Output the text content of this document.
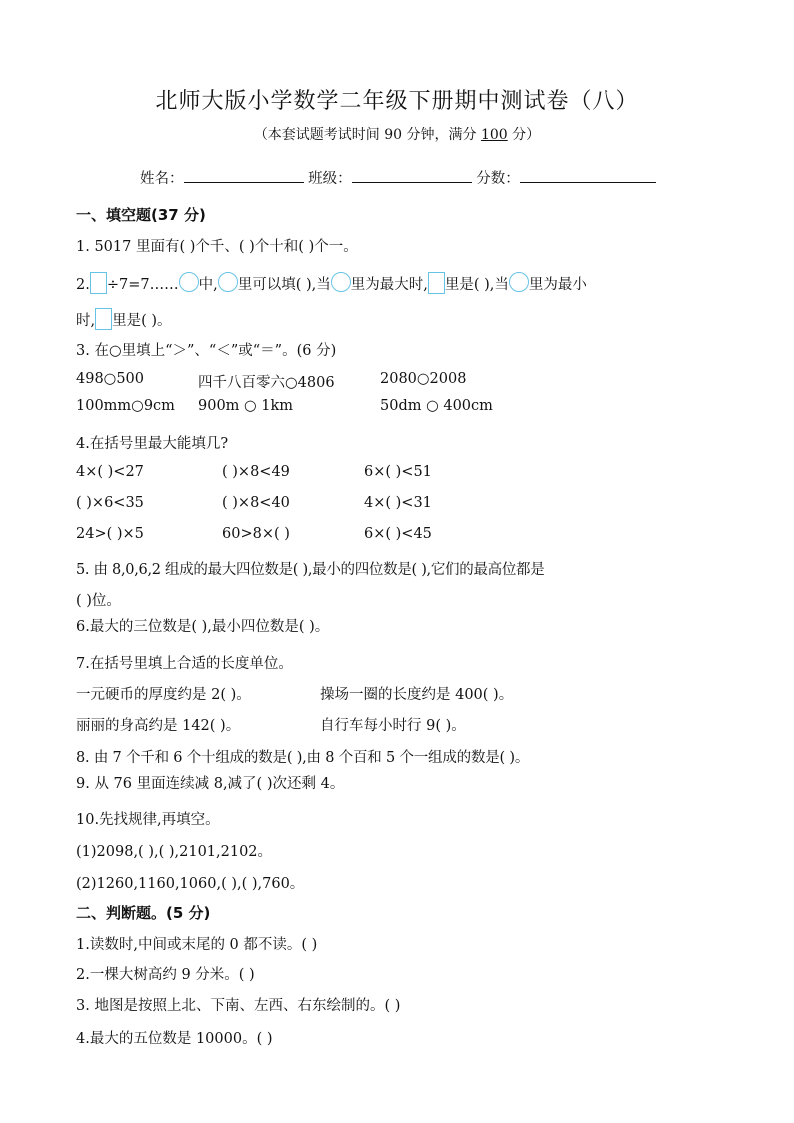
北师大版小学数学二年级下册期中测试卷（八）
（本套试题考试时间 90 分钟，满分 100 分）
姓名：	班级：	分数：
一、填空题(37 分)
1. 5017 里面有( )个千、( )个十和( )个一。
2. ÷7=7…… 中, 里可以填( ),当 里为最大时, 里是( ),当 里为最小
时, 里是( )。
3. 在○里填上“＞”、“＜”或“＝”。(6 分)
498○500	四千八百零六○4806	2080○2008
100mm○9cm 900m ○ 1km	50dm ○ 400cm
4.在括号里最大能填几?
4×( )<27	( )×8<49	6×( )<51
( )×6<35	( )×8<40	4×( )<31
24>( )×5	60>8×( )	6×( )<45
5. 由 8,0,6,2 组成的最大四位数是( ),最小的四位数是( ),它们的最高位都是
( )位。
6.最大的三位数是( ),最小四位数是( )。
7.在括号里填上合适的长度单位。
一元硬币的厚度约是 2( )。	操场一圈的长度约是 400( )。
丽丽的身高约是 142( )。	自行车每小时行 9( )。
8. 由 7 个千和 6 个十组成的数是( ),由 8 个百和 5 个一组成的数是( )。
9. 从 76 里面连续减 8,减了( )次还剩 4。
10.先找规律,再填空。
(1)2098,( ),( ),2101,2102。
(2)1260,1160,1060,( ),( ),760。
二、判断题。(5 分)
1.读数时,中间或末尾的 0 都不读。( )
2.一棵大树高约 9 分米。( )
3. 地图是按照上北、下南、左西、右东绘制的。( )
4.最大的五位数是 10000。( )
